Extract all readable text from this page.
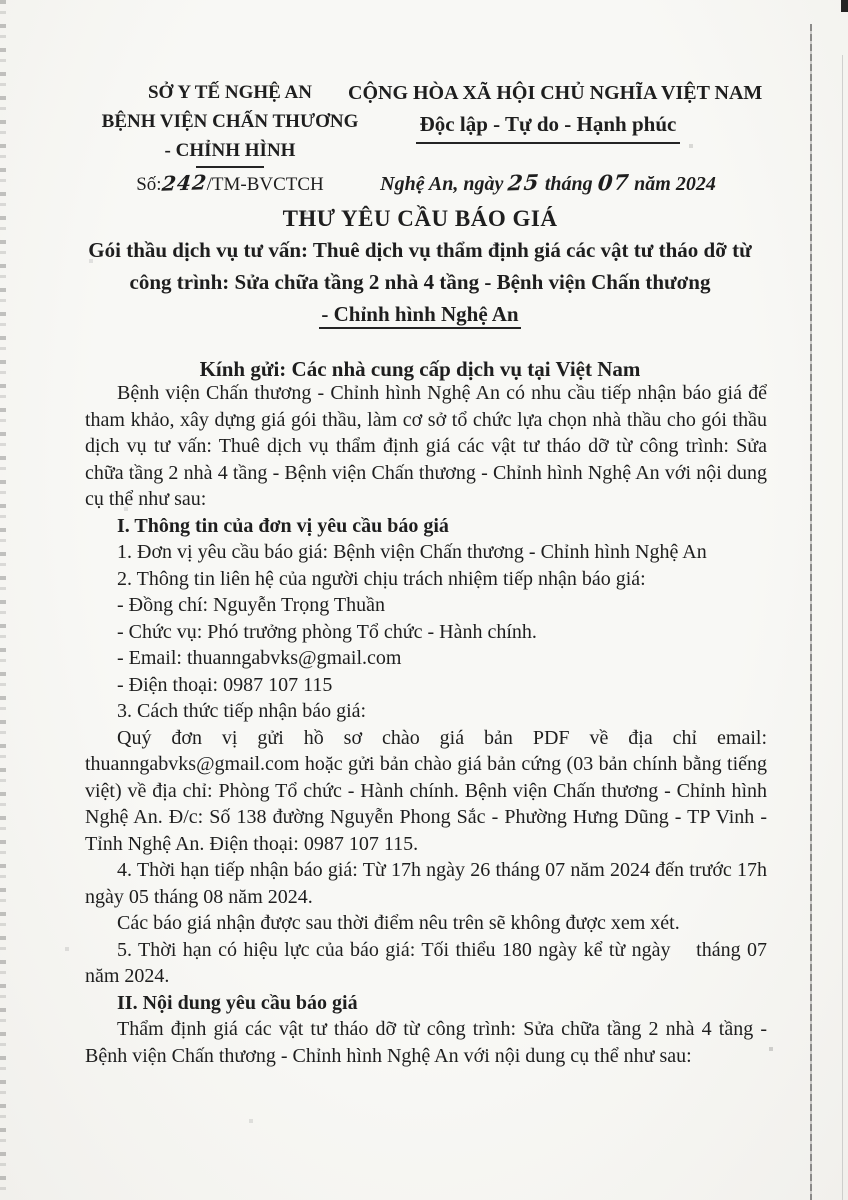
SỞ Y TẾ NGHỆ AN
BỆNH VIỆN CHẤN THƯƠNG
- CHỈNH HÌNH
Số:242/TM-BVCTCH
CỘNG HÒA XÃ HỘI CHỦ NGHĨA VIỆT NAM
Độc lập - Tự do - Hạnh phúc
Nghệ An, ngày 25 tháng 07 năm 2024
THƯ YÊU CẦU BÁO GIÁ
Gói thầu dịch vụ tư vấn: Thuê dịch vụ thẩm định giá các vật tư tháo dỡ từ
công trình: Sửa chữa tầng 2 nhà 4 tầng - Bệnh viện Chấn thương
- Chỉnh hình Nghệ An
Kính gửi: Các nhà cung cấp dịch vụ tại Việt Nam

Bệnh viện Chấn thương - Chỉnh hình Nghệ An có nhu cầu tiếp nhận báo giá để tham khảo, xây dựng giá gói thầu, làm cơ sở tổ chức lựa chọn nhà thầu cho gói thầu dịch vụ tư vấn: Thuê dịch vụ thẩm định giá các vật tư tháo dỡ từ công trình: Sửa chữa tầng 2 nhà 4 tầng - Bệnh viện Chấn thương - Chỉnh hình Nghệ An với nội dung cụ thể như sau:

I. Thông tin của đơn vị yêu cầu báo giá

1. Đơn vị yêu cầu báo giá: Bệnh viện Chấn thương - Chỉnh hình Nghệ An

2. Thông tin liên hệ của người chịu trách nhiệm tiếp nhận báo giá:

- Đồng chí: Nguyễn Trọng Thuần

- Chức vụ: Phó trưởng phòng Tổ chức - Hành chính.

- Email: thuanngabvks@gmail.com

- Điện thoại: 0987 107 115

3. Cách thức tiếp nhận báo giá:

Quý đơn vị gửi hồ sơ chào giá bản PDF về địa chỉ email: thuanngabvks@gmail.com hoặc gửi bản chào giá bản cứng (03 bản chính bằng tiếng việt) về địa chỉ: Phòng Tổ chức - Hành chính. Bệnh viện Chấn thương - Chỉnh hình Nghệ An. Đ/c: Số 138 đường Nguyễn Phong Sắc - Phường Hưng Dũng - TP Vinh - Tỉnh Nghệ An. Điện thoại: 0987 107 115.

4. Thời hạn tiếp nhận báo giá: Từ 17h ngày 26 tháng 07 năm 2024 đến trước 17h ngày 05 tháng 08 năm 2024.

Các báo giá nhận được sau thời điểm nêu trên sẽ không được xem xét.

5. Thời hạn có hiệu lực của báo giá: Tối thiểu 180 ngày kể từ ngày    tháng 07 năm 2024.

II. Nội dung yêu cầu báo giá

Thẩm định giá các vật tư tháo dỡ từ công trình: Sửa chữa tầng 2 nhà 4 tầng - Bệnh viện Chấn thương - Chỉnh hình Nghệ An với nội dung cụ thể như sau:
